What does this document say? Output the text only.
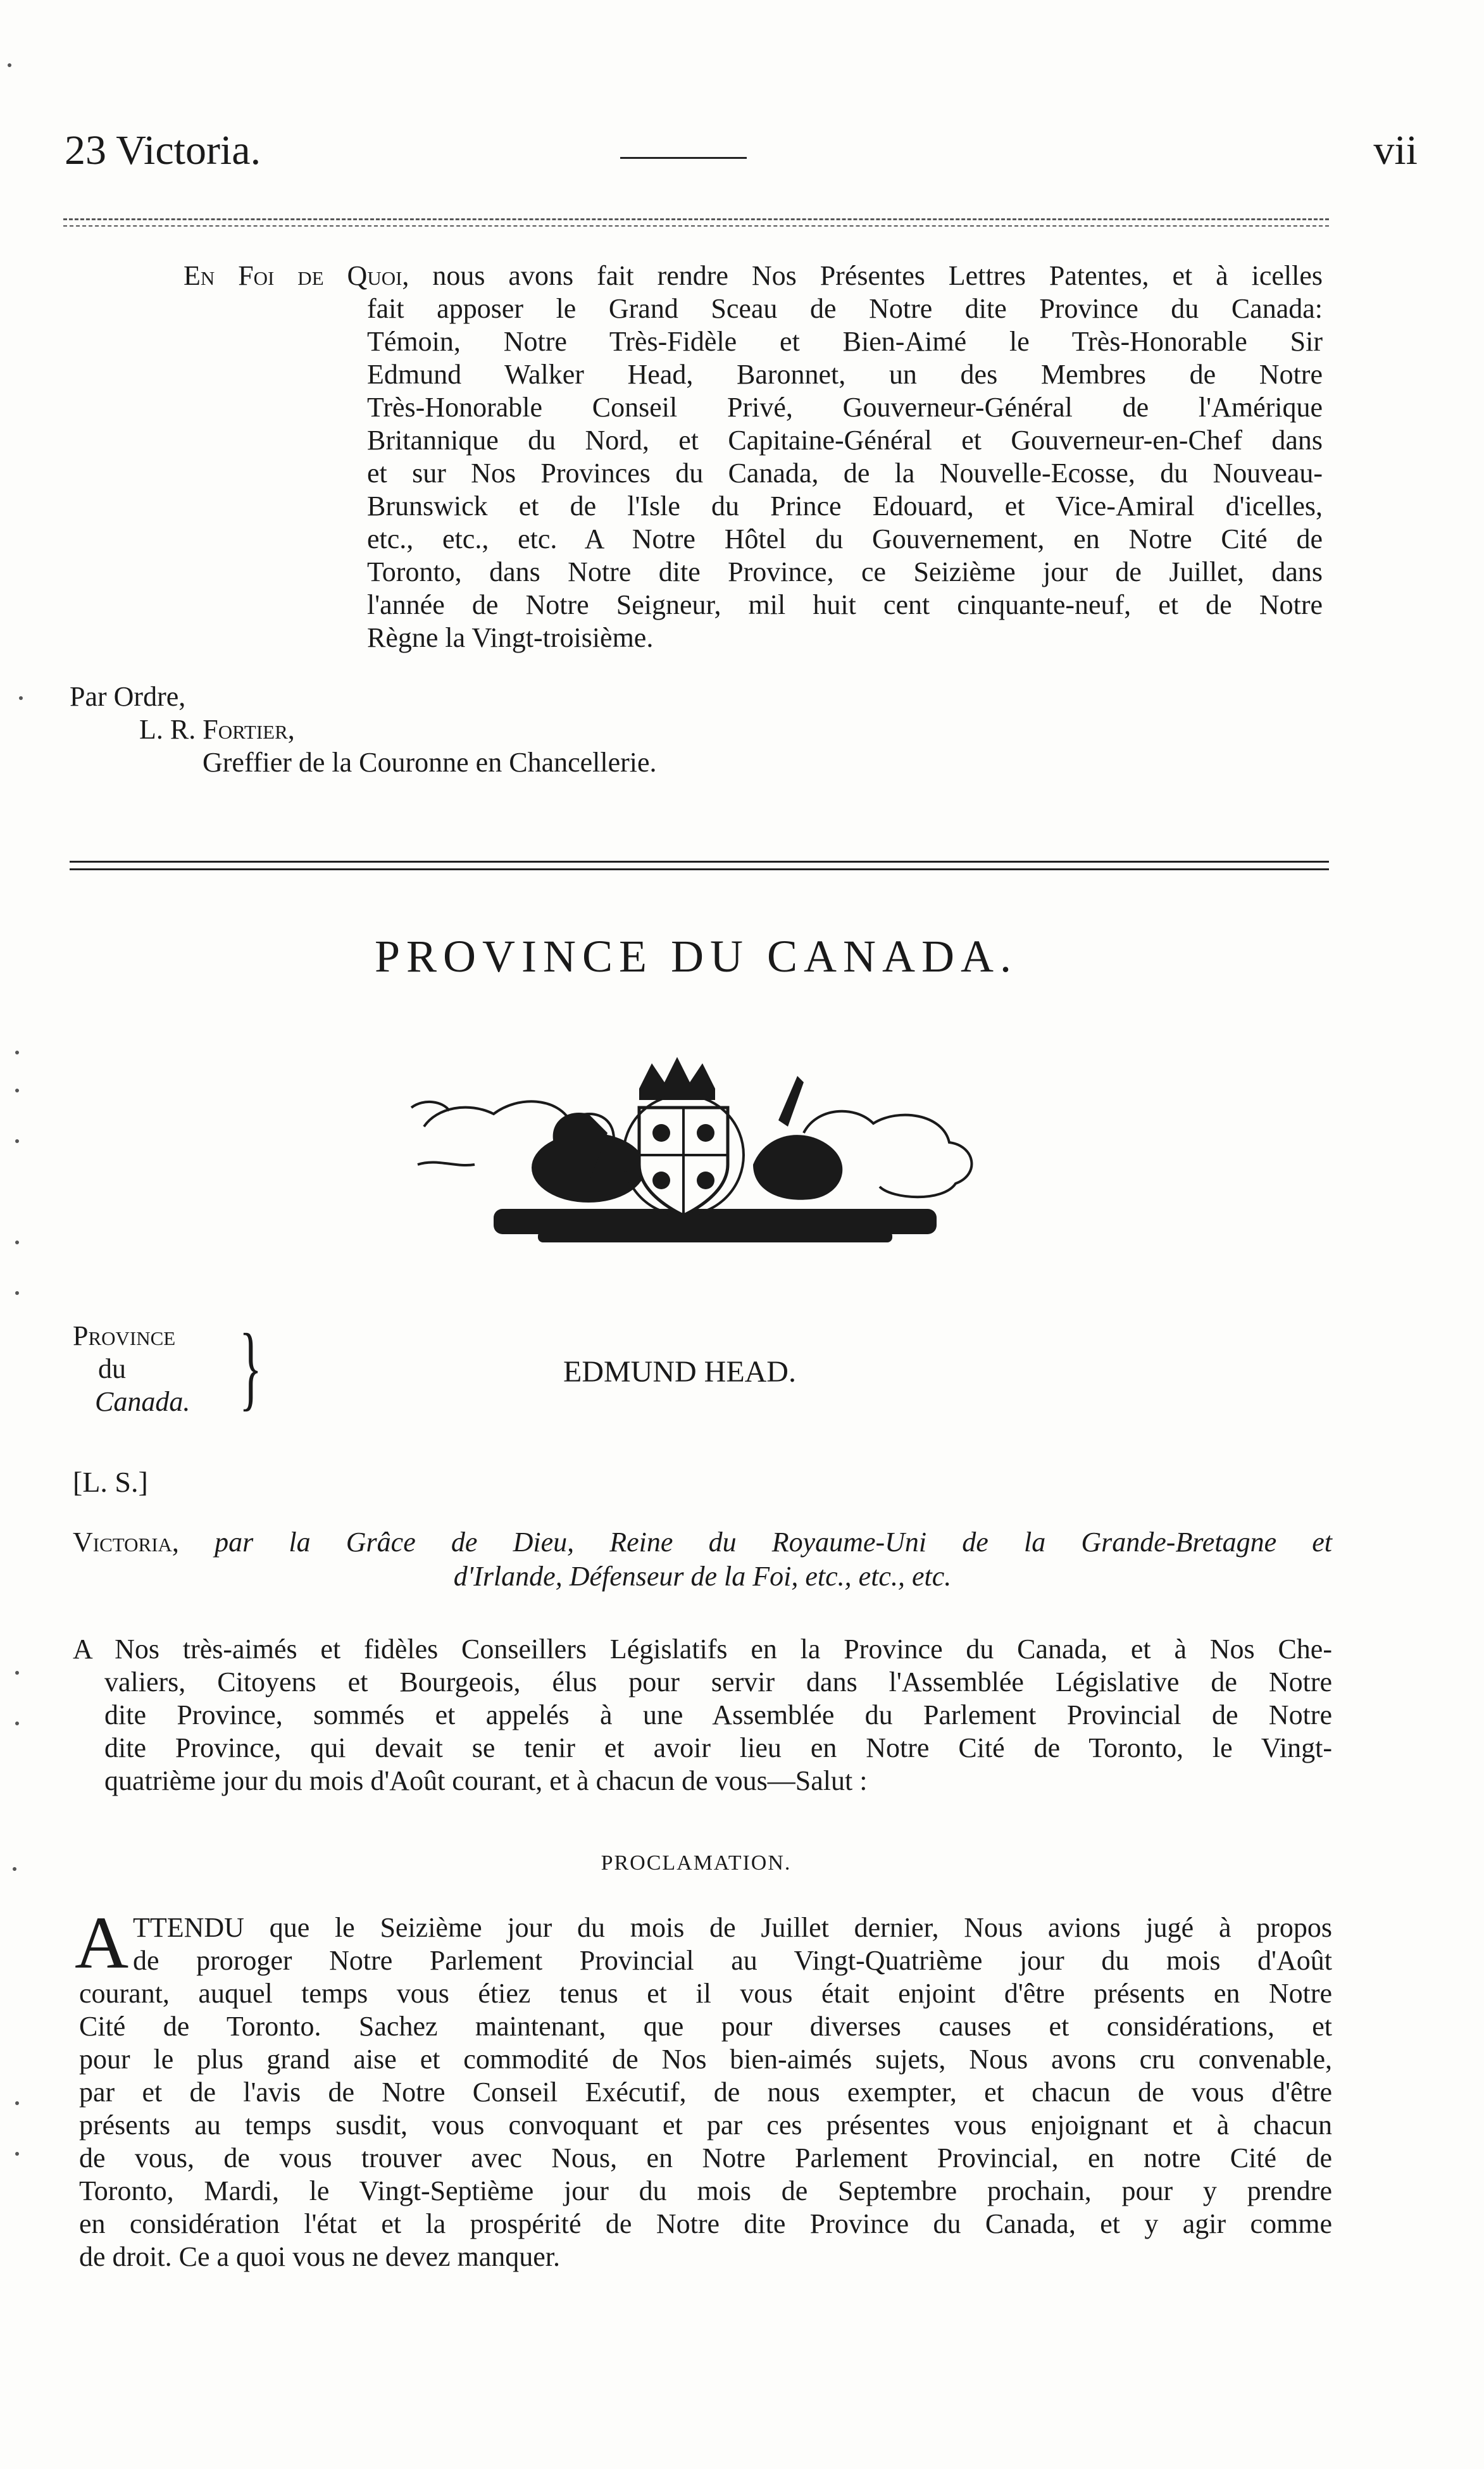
23 Victoria.	vii
En Foi de Quoi, nous avons fait rendre Nos Présentes Lettres Patentes, et à icelles
fait apposer le Grand Sceau de Notre dite Province du Canada:
Témoin, Notre Très-Fidèle et Bien-Aimé le Très-Honorable Sir
Edmund Walker Head, Baronnet, un des Membres de Notre
Très-Honorable Conseil Privé, Gouverneur-Général de l'Amérique
Britannique du Nord, et Capitaine-Général et Gouverneur-en-Chef dans
et sur Nos Provinces du Canada, de la Nouvelle-Ecosse, du Nouveau-
Brunswick et de l'Isle du Prince Edouard, et Vice-Amiral d'icelles,
etc., etc., etc. A Notre Hôtel du Gouvernement, en Notre Cité de
Toronto, dans Notre dite Province, ce Seizième jour de Juillet, dans
l'année de Notre Seigneur, mil huit cent cinquante-neuf, et de Notre
Règne la Vingt-troisième.
Par Ordre,
L. R. Fortier,
Greffier de la Couronne en Chancellerie.
PROVINCE DU CANADA.
Province
du
Canada. }	EDMUND HEAD.
[L. S.]
Victoria, par la Grâce de Dieu, Reine du Royaume-Uni de la Grande-Bretagne et
d'Irlande, Défenseur de la Foi, etc., etc., etc.
A Nos très-aimés et fidèles Conseillers Législatifs en la Province du Canada, et à Nos Che-
valiers, Citoyens et Bourgeois, élus pour servir dans l'Assemblée Législative de Notre
dite Province, sommés et appelés à une Assemblée du Parlement Provincial de Notre
dite Province, qui devait se tenir et avoir lieu en Notre Cité de Toronto, le Vingt-
quatrième jour du mois d'Août courant, et à chacun de vous—Salut :
PROCLAMATION.
A TTENDU que le Seizième jour du mois de Juillet dernier, Nous avions jugé à propos
de proroger Notre Parlement Provincial au Vingt-Quatrième jour du mois d'Août
courant, auquel temps vous étiez tenus et il vous était enjoint d'être présents en Notre
Cité de Toronto. Sachez maintenant, que pour diverses causes et considérations, et
pour le plus grand aise et commodité de Nos bien-aimés sujets, Nous avons cru convenable,
par et de l'avis de Notre Conseil Exécutif, de nous exempter, et chacun de vous d'être
présents au temps susdit, vous convoquant et par ces présentes vous enjoignant et à chacun
de vous, de vous trouver avec Nous, en Notre Parlement Provincial, en notre Cité de
Toronto, Mardi, le Vingt-Septième jour du mois de Septembre prochain, pour y prendre
en considération l'état et la prospérité de Notre dite Province du Canada, et y agir comme
de droit. Ce a quoi vous ne devez manquer.
